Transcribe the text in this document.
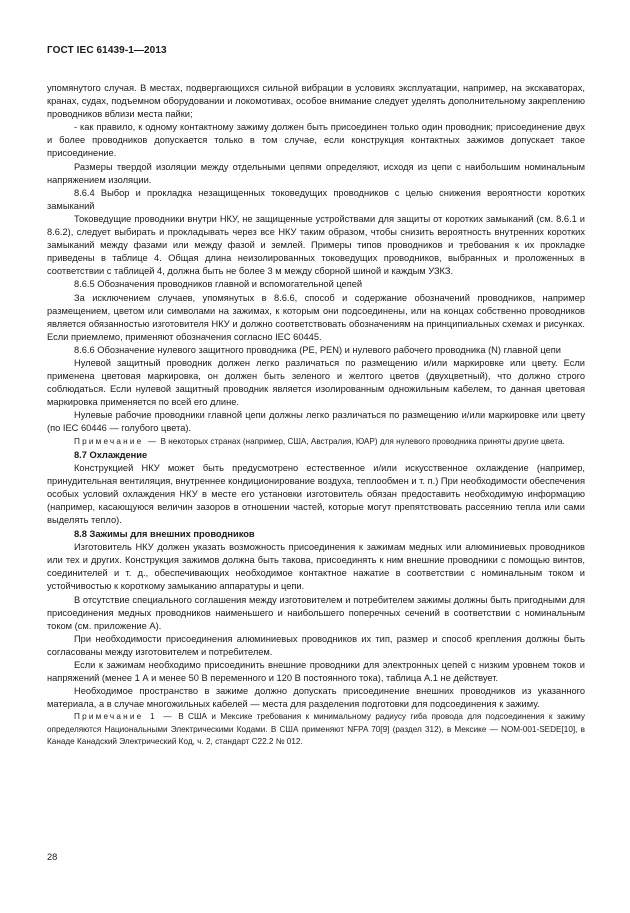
ГОСТ IEC 61439-1—2013

упомянутого случая. В местах, подвергающихся сильной вибрации в условиях эксплуатации, например, на экскаваторах, кранах, судах, подъемном оборудовании и локомотивах, особое внимание следует уделять дополнительному закреплению проводников вблизи места пайки;

- как правило, к одному контактному зажиму должен быть присоединен только один проводник; присоединение двух и более проводников допускается только в том случае, если конструкция контактных зажимов допускает такое присоединение.

Размеры твердой изоляции между отдельными цепями определяют, исходя из цепи с наибольшим номинальным напряжением изоляции.

8.6.4 Выбор и прокладка незащищенных токоведущих проводников с целью снижения вероятности коротких замыканий

Токоведущие проводники внутри НКУ, не защищенные устройствами для защиты от коротких замыканий (см. 8.6.1 и 8.6.2), следует выбирать и прокладывать через все НКУ таким образом, чтобы снизить вероятность внутренних коротких замыканий между фазами или между фазой и землей. Примеры типов проводников и требования к их прокладке приведены в таблице 4. Общая длина неизолированных токоведущих проводников, выбранных и проложенных в соответствии с таблицей 4, должна быть не более 3 м между сборной шиной и каждым УЗКЗ.

8.6.5 Обозначения проводников главной и вспомогательной цепей

За исключением случаев, упомянутых в 8.6.6, способ и содержание обозначений проводников, например размещением, цветом или символами на зажимах, к которым они подсоединены, или на концах собственно проводников является обязанностью изготовителя НКУ и должно соответствовать обозначениям на принципиальных схемах и рисунках. Если приемлемо, применяют обозначения согласно IEC 60445.

8.6.6 Обозначение нулевого защитного проводника (PE, PEN) и нулевого рабочего проводника (N) главной цепи

Нулевой защитный проводник должен легко различаться по размещению и/или маркировке или цвету. Если применена цветовая маркировка, он должен быть зеленого и желтого цветов (двухцветный), что должно строго соблюдаться. Если нулевой защитный проводник является изолированным одножильным кабелем, то данная цветовая маркировка применяется по всей его длине.

Нулевые рабочие проводники главной цепи должны легко различаться по размещению и/или маркировке или цвету (по IEC 60446 — голубого цвета).

Примечание — В некоторых странах (например, США, Австралия, ЮАР) для нулевого проводника приняты другие цвета.

8.7 Охлаждение

Конструкцией НКУ может быть предусмотрено естественное и/или искусственное охлаждение (например, принудительная вентиляция, внутреннее кондиционирование воздуха, теплообмен и т. п.) При необходимости обеспечения особых условий охлаждения НКУ в месте его установки изготовитель обязан предоставить необходимую информацию (например, касающуюся величин зазоров в отношении частей, которые могут препятствовать рассеянию тепла или сами выделять тепло).

8.8 Зажимы для внешних проводников

Изготовитель НКУ должен указать возможность присоединения к зажимам медных или алюминиевых проводников или тех и других. Конструкция зажимов должна быть такова, присоединять к ним внешние проводники с помощью винтов, соединителей и т. д., обеспечивающих необходимое контактное нажатие в соответствии с номинальным током и устойчивостью к короткому замыканию аппаратуры и цепи.

В отсутствие специального соглашения между изготовителем и потребителем зажимы должны быть пригодными для присоединения медных проводников наименьшего и наибольшего поперечных сечений в соответствии с номинальным током (см. приложение А).

При необходимости присоединения алюминиевых проводников их тип, размер и способ крепления должны быть согласованы между изготовителем и потребителем.

Если к зажимам необходимо присоединить внешние проводники для электронных цепей с низким уровнем токов и напряжений (менее 1 А и менее 50 В переменного и 120 В постоянного тока), таблица А.1 не действует.

Необходимое пространство в зажиме должно допускать присоединение внешних проводников из указанного материала, а в случае многожильных кабелей — места для разделения подготовки для подсоединения к зажиму.

Примечание 1 — В США и Мексике требования к минимальному радиусу гиба провода для подсоединения к зажиму определяются Национальными Электрическими Кодами. В США применяют NFPA 70[9] (раздел 312), в Мексике — NOM-001-SEDE[10], в Канаде Канадский Электрический Код, ч. 2, стандарт C22.2 № 012.

28
